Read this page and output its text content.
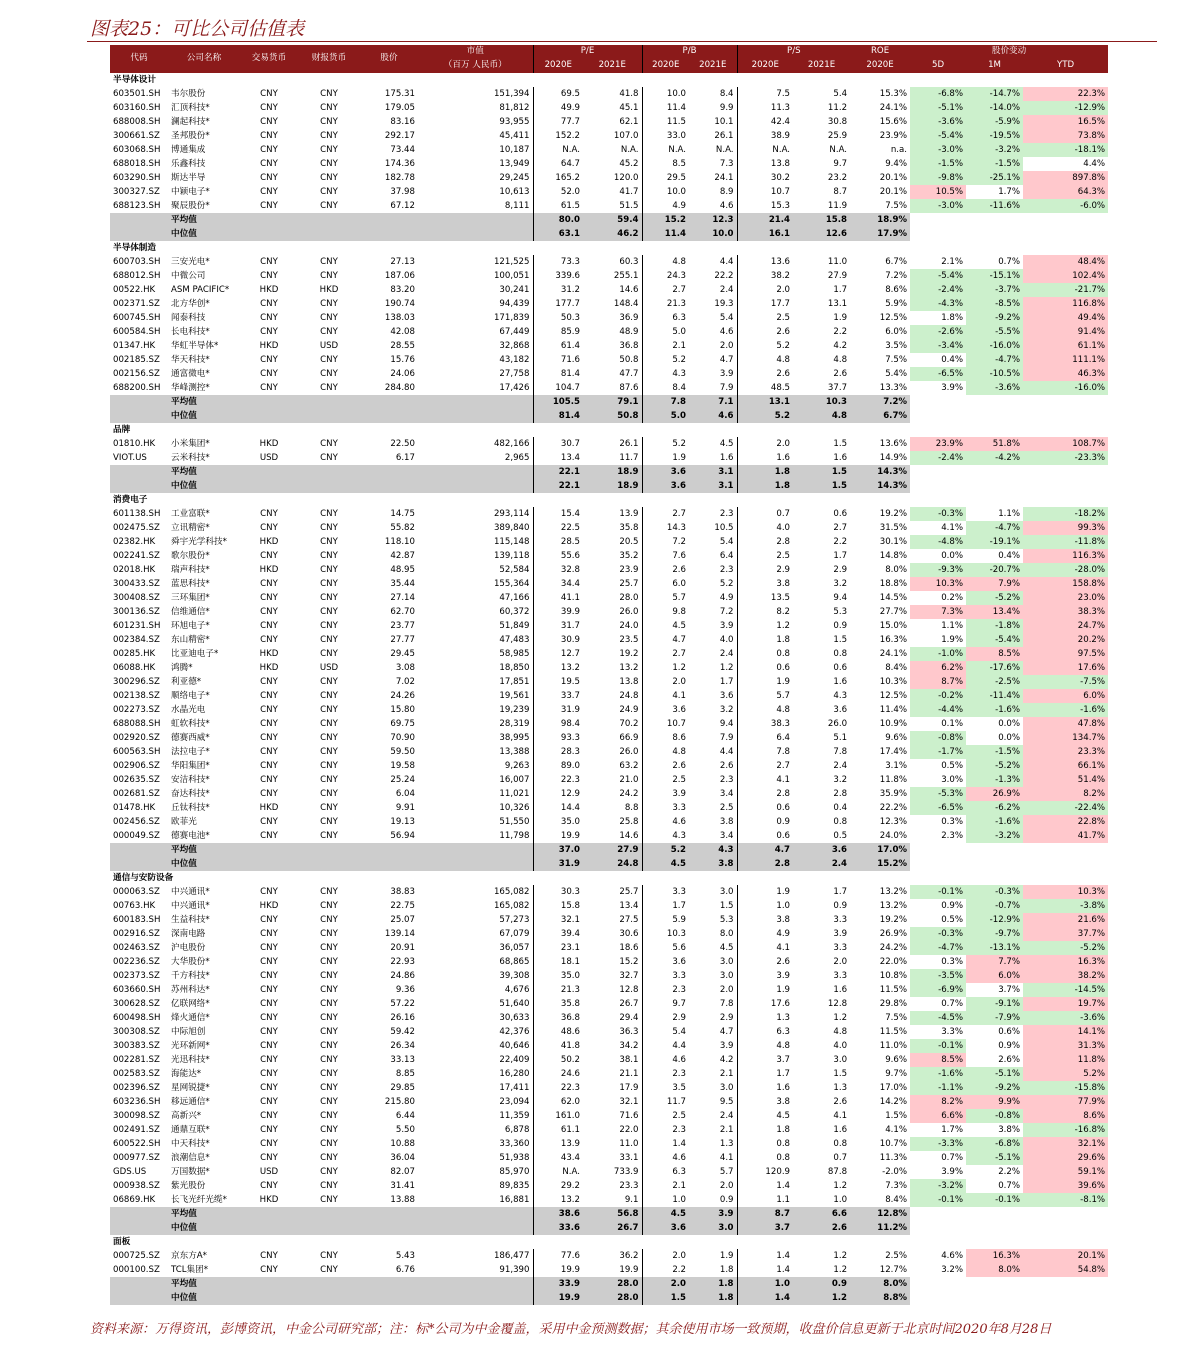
图表25：可比公司估值表
代码	公司名称	交易货币	财报货币	股价	市值	P/E		P/B		P/S		ROE	股价变动		
					（百万 人民币）	2020E	2021E	2020E	2021E	2020E	2021E	2020E	5D	1M	YTD
半导体设计															
603501.SH	韦尔股份	CNY	CNY	175.31	151,394	69.5	41.8	10.0	8.4	7.5	5.4	15.3%	-6.8%	-14.7%	22.3%
603160.SH	汇顶科技*	CNY	CNY	179.05	81,812	49.9	45.1	11.4	9.9	11.3	11.2	24.1%	-5.1%	-14.0%	-12.9%
688008.SH	澜起科技*	CNY	CNY	83.16	93,955	77.7	62.1	11.5	10.1	42.4	30.8	15.6%	-3.6%	-5.9%	16.5%
300661.SZ	圣邦股份*	CNY	CNY	292.17	45,411	152.2	107.0	33.0	26.1	38.9	25.9	23.9%	-5.4%	-19.5%	73.8%
603068.SH	博通集成	CNY	CNY	73.44	10,187	N.A.	N.A.	N.A.	N.A.	N.A.	N.A.	n.a.	-3.0%	-3.2%	-18.1%
688018.SH	乐鑫科技	CNY	CNY	174.36	13,949	64.7	45.2	8.5	7.3	13.8	9.7	9.4%	-1.5%	-1.5%	4.4%
603290.SH	斯达半导	CNY	CNY	182.78	29,245	165.2	120.0	29.5	24.1	30.2	23.2	20.1%	-9.8%	-25.1%	897.8%
300327.SZ	中颖电子*	CNY	CNY	37.98	10,613	52.0	41.7	10.0	8.9	10.7	8.7	20.1%	10.5%	1.7%	64.3%
688123.SH	聚辰股份*	CNY	CNY	67.12	8,111	61.5	51.5	4.9	4.6	15.3	11.9	7.5%	-3.0%	-11.6%	-6.0%
	平均值					80.0	59.4	15.2	12.3	21.4	15.8	18.9%			
	中位值					63.1	46.2	11.4	10.0	16.1	12.6	17.9%			
半导体制造															
600703.SH	三安光电*	CNY	CNY	27.13	121,525	73.3	60.3	4.8	4.4	13.6	11.0	6.7%	2.1%	0.7%	48.4%
688012.SH	中微公司	CNY	CNY	187.06	100,051	339.6	255.1	24.3	22.2	38.2	27.9	7.2%	-5.4%	-15.1%	102.4%
00522.HK	ASM PACIFIC*	HKD	HKD	83.20	30,241	31.2	14.6	2.7	2.4	2.0	1.7	8.6%	-2.4%	-3.7%	-21.7%
002371.SZ	北方华创*	CNY	CNY	190.74	94,439	177.7	148.4	21.3	19.3	17.7	13.1	5.9%	-4.3%	-8.5%	116.8%
600745.SH	闻泰科技	CNY	CNY	138.03	171,839	50.3	36.9	6.3	5.4	2.5	1.9	12.5%	1.8%	-9.2%	49.4%
600584.SH	长电科技*	CNY	CNY	42.08	67,449	85.9	48.9	5.0	4.6	2.6	2.2	6.0%	-2.6%	-5.5%	91.4%
01347.HK	华虹半导体*	HKD	USD	28.55	32,868	61.4	36.8	2.1	2.0	5.2	4.2	3.5%	-3.4%	-16.0%	61.1%
002185.SZ	华天科技*	CNY	CNY	15.76	43,182	71.6	50.8	5.2	4.7	4.8	4.8	7.5%	0.4%	-4.7%	111.1%
002156.SZ	通富微电*	CNY	CNY	24.06	27,758	81.4	47.7	4.3	3.9	2.6	2.6	5.4%	-6.5%	-10.5%	46.3%
688200.SH	华峰测控*	CNY	CNY	284.80	17,426	104.7	87.6	8.4	7.9	48.5	37.7	13.3%	3.9%	-3.6%	-16.0%
	平均值					105.5	79.1	7.8	7.1	13.1	10.3	7.2%			
	中位值					81.4	50.8	5.0	4.6	5.2	4.8	6.7%			
品牌															
01810.HK	小米集团*	HKD	CNY	22.50	482,166	30.7	26.1	5.2	4.5	2.0	1.5	13.6%	23.9%	51.8%	108.7%
VIOT.US	云米科技*	USD	CNY	6.17	2,965	13.4	11.7	1.9	1.6	1.6	1.6	14.9%	-2.4%	-4.2%	-23.3%
	平均值					22.1	18.9	3.6	3.1	1.8	1.5	14.3%			
	中位值					22.1	18.9	3.6	3.1	1.8	1.5	14.3%			
消费电子															
601138.SH	工业富联*	CNY	CNY	14.75	293,114	15.4	13.9	2.7	2.3	0.7	0.6	19.2%	-0.3%	1.1%	-18.2%
002475.SZ	立讯精密*	CNY	CNY	55.82	389,840	22.5	35.8	14.3	10.5	4.0	2.7	31.5%	4.1%	-4.7%	99.3%
02382.HK	舜宇光学科技*	HKD	CNY	118.10	115,148	28.5	20.5	7.2	5.4	2.8	2.2	30.1%	-4.8%	-19.1%	-11.8%
002241.SZ	歌尔股份*	CNY	CNY	42.87	139,118	55.6	35.2	7.6	6.4	2.5	1.7	14.8%	0.0%	0.4%	116.3%
02018.HK	瑞声科技*	HKD	CNY	48.95	52,584	32.8	23.9	2.6	2.3	2.9	2.9	8.0%	-9.3%	-20.7%	-28.0%
300433.SZ	蓝思科技*	CNY	CNY	35.44	155,364	34.4	25.7	6.0	5.2	3.8	3.2	18.8%	10.3%	7.9%	158.8%
300408.SZ	三环集团*	CNY	CNY	27.14	47,166	41.1	28.0	5.7	4.9	13.5	9.4	14.5%	0.2%	-5.2%	23.0%
300136.SZ	信维通信*	CNY	CNY	62.70	60,372	39.9	26.0	9.8	7.2	8.2	5.3	27.7%	7.3%	13.4%	38.3%
601231.SH	环旭电子*	CNY	CNY	23.77	51,849	31.7	24.0	4.5	3.9	1.2	0.9	15.0%	1.1%	-1.8%	24.7%
002384.SZ	东山精密*	CNY	CNY	27.77	47,483	30.9	23.5	4.7	4.0	1.8	1.5	16.3%	1.9%	-5.4%	20.2%
00285.HK	比亚迪电子*	HKD	CNY	29.45	58,985	12.7	19.2	2.7	2.4	0.8	0.8	24.1%	-1.0%	8.5%	97.5%
06088.HK	鸿腾*	HKD	USD	3.08	18,850	13.2	13.2	1.2	1.2	0.6	0.6	8.4%	6.2%	-17.6%	17.6%
300296.SZ	利亚德*	CNY	CNY	7.02	17,851	19.5	13.8	2.0	1.7	1.9	1.6	10.3%	8.7%	-2.5%	-7.5%
002138.SZ	顺络电子*	CNY	CNY	24.26	19,561	33.7	24.8	4.1	3.6	5.7	4.3	12.5%	-0.2%	-11.4%	6.0%
002273.SZ	水晶光电	CNY	CNY	15.80	19,239	31.9	24.9	3.6	3.2	4.8	3.6	11.4%	-4.4%	-1.6%	-1.6%
688088.SH	虹软科技*	CNY	CNY	69.75	28,319	98.4	70.2	10.7	9.4	38.3	26.0	10.9%	0.1%	0.0%	47.8%
002920.SZ	德赛西威*	CNY	CNY	70.90	38,995	93.3	66.9	8.6	7.9	6.4	5.1	9.6%	-0.8%	0.0%	134.7%
600563.SH	法拉电子*	CNY	CNY	59.50	13,388	28.3	26.0	4.8	4.4	7.8	7.8	17.4%	-1.7%	-1.5%	23.3%
002906.SZ	华阳集团*	CNY	CNY	19.58	9,263	89.0	63.2	2.6	2.6	2.7	2.4	3.1%	0.5%	-5.2%	66.1%
002635.SZ	安洁科技*	CNY	CNY	25.24	16,007	22.3	21.0	2.5	2.3	4.1	3.2	11.8%	3.0%	-1.3%	51.4%
002681.SZ	奋达科技*	CNY	CNY	6.04	11,021	12.9	24.2	3.9	3.4	2.8	2.8	35.9%	-5.3%	26.9%	8.2%
01478.HK	丘钛科技*	HKD	CNY	9.91	10,326	14.4	8.8	3.3	2.5	0.6	0.4	22.2%	-6.5%	-6.2%	-22.4%
002456.SZ	欧菲光	CNY	CNY	19.13	51,550	35.0	25.8	4.6	3.8	0.9	0.8	12.3%	0.3%	-1.6%	22.8%
000049.SZ	德赛电池*	CNY	CNY	56.94	11,798	19.9	14.6	4.3	3.4	0.6	0.5	24.0%	2.3%	-3.2%	41.7%
	平均值					37.0	27.9	5.2	4.3	4.7	3.6	17.0%			
	中位值					31.9	24.8	4.5	3.8	2.8	2.4	15.2%			
通信与安防设备															
000063.SZ	中兴通讯*	CNY	CNY	38.83	165,082	30.3	25.7	3.3	3.0	1.9	1.7	13.2%	-0.1%	-0.3%	10.3%
00763.HK	中兴通讯*	HKD	CNY	22.75	165,082	15.8	13.4	1.7	1.5	1.0	0.9	13.2%	0.9%	-0.7%	-3.8%
600183.SH	生益科技*	CNY	CNY	25.07	57,273	32.1	27.5	5.9	5.3	3.8	3.3	19.2%	0.5%	-12.9%	21.6%
002916.SZ	深南电路	CNY	CNY	139.14	67,079	39.4	30.6	10.3	8.0	4.9	3.9	26.9%	-0.3%	-9.7%	37.7%
002463.SZ	沪电股份	CNY	CNY	20.91	36,057	23.1	18.6	5.6	4.5	4.1	3.3	24.2%	-4.7%	-13.1%	-5.2%
002236.SZ	大华股份*	CNY	CNY	22.93	68,865	18.1	15.2	3.6	3.0	2.6	2.0	22.0%	0.3%	7.7%	16.3%
002373.SZ	千方科技*	CNY	CNY	24.86	39,308	35.0	32.7	3.3	3.0	3.9	3.3	10.8%	-3.5%	6.0%	38.2%
603660.SH	苏州科达*	CNY	CNY	9.36	4,676	21.3	12.8	2.3	2.0	1.9	1.6	11.5%	-6.9%	3.7%	-14.5%
300628.SZ	亿联网络*	CNY	CNY	57.22	51,640	35.8	26.7	9.7	7.8	17.6	12.8	29.8%	0.7%	-9.1%	19.7%
600498.SH	烽火通信*	CNY	CNY	26.16	30,633	36.8	29.4	2.9	2.9	1.3	1.2	7.5%	-4.5%	-7.9%	-3.6%
300308.SZ	中际旭创	CNY	CNY	59.42	42,376	48.6	36.3	5.4	4.7	6.3	4.8	11.5%	3.3%	0.6%	14.1%
300383.SZ	光环新网*	CNY	CNY	26.34	40,646	41.8	34.2	4.4	3.9	4.8	4.0	11.0%	-0.1%	0.9%	31.3%
002281.SZ	光迅科技*	CNY	CNY	33.13	22,409	50.2	38.1	4.6	4.2	3.7	3.0	9.6%	8.5%	2.6%	11.8%
002583.SZ	海能达*	CNY	CNY	8.85	16,280	24.6	21.1	2.3	2.1	1.7	1.5	9.7%	-1.6%	-5.1%	5.2%
002396.SZ	星网锐捷*	CNY	CNY	29.85	17,411	22.3	17.9	3.5	3.0	1.6	1.3	17.0%	-1.1%	-9.2%	-15.8%
603236.SH	移远通信*	CNY	CNY	215.80	23,094	62.0	32.1	11.7	9.5	3.8	2.6	14.2%	8.2%	9.9%	77.9%
300098.SZ	高新兴*	CNY	CNY	6.44	11,359	161.0	71.6	2.5	2.4	4.5	4.1	1.5%	6.6%	-0.8%	8.6%
002491.SZ	通鼎互联*	CNY	CNY	5.50	6,878	61.1	22.0	2.3	2.1	1.8	1.6	4.1%	1.7%	3.8%	-16.8%
600522.SH	中天科技*	CNY	CNY	10.88	33,360	13.9	11.0	1.4	1.3	0.8	0.8	10.7%	-3.3%	-6.8%	32.1%
000977.SZ	浪潮信息*	CNY	CNY	36.04	51,938	43.4	33.1	4.6	4.1	0.8	0.7	11.3%	0.7%	-5.1%	29.6%
GDS.US	万国数据*	USD	CNY	82.07	85,970	N.A.	733.9	6.3	5.7	120.9	87.8	-2.0%	3.9%	2.2%	59.1%
000938.SZ	紫光股份	CNY	CNY	31.41	89,835	29.2	23.3	2.1	2.0	1.4	1.2	7.3%	-3.2%	0.7%	39.6%
06869.HK	长飞光纤光缆*	HKD	CNY	13.88	16,881	13.2	9.1	1.0	0.9	1.1	1.0	8.4%	-0.1%	-0.1%	-8.1%
	平均值					38.6	56.8	4.5	3.9	8.7	6.6	12.8%			
	中位值					33.6	26.7	3.6	3.0	3.7	2.6	11.2%			
面板															
000725.SZ	京东方A*	CNY	CNY	5.43	186,477	77.6	36.2	2.0	1.9	1.4	1.2	2.5%	4.6%	16.3%	20.1%
000100.SZ	TCL集团*	CNY	CNY	6.76	91,390	19.9	19.9	2.2	1.8	1.4	1.2	12.7%	3.2%	8.0%	54.8%
	平均值					33.9	28.0	2.0	1.8	1.0	0.9	8.0%			
	中位值					19.9	28.0	1.5	1.8	1.4	1.2	8.8%			
资料来源：万得资讯，彭博资讯，中金公司研究部；注：标*公司为中金覆盖，采用中金预测数据；其余使用市场一致预期，收盘价信息更新于北京时间2020年8月28日
